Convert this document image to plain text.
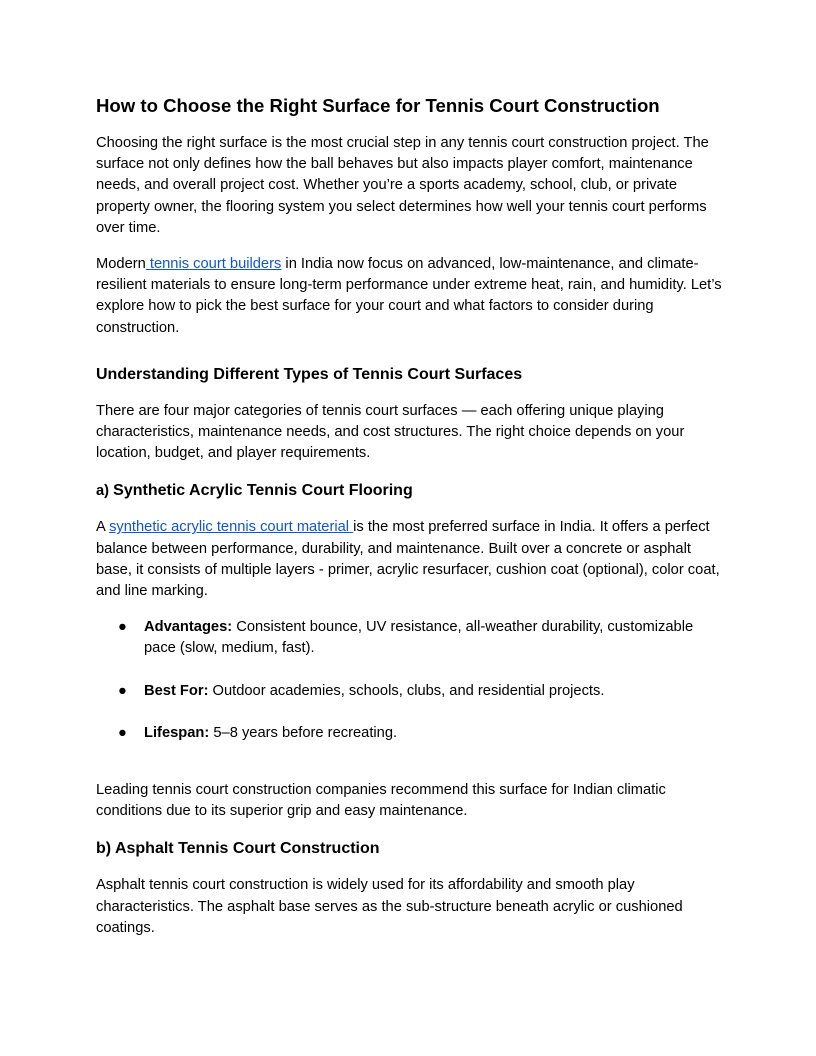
How to Choose the Right Surface for Tennis Court Construction

Choosing the right surface is the most crucial step in any tennis court construction project. The surface not only defines how the ball behaves but also impacts player comfort, maintenance needs, and overall project cost. Whether you’re a sports academy, school, club, or private property owner, the flooring system you select determines how well your tennis court performs over time.

Modern tennis court builders in India now focus on advanced, low-maintenance, and climate-resilient materials to ensure long-term performance under extreme heat, rain, and humidity. Let’s explore how to pick the best surface for your court and what factors to consider during construction.

Understanding Different Types of Tennis Court Surfaces

There are four major categories of tennis court surfaces — each offering unique playing characteristics, maintenance needs, and cost structures. The right choice depends on your location, budget, and player requirements.

a) Synthetic Acrylic Tennis Court Flooring

A synthetic acrylic tennis court material is the most preferred surface in India. It offers a perfect balance between performance, durability, and maintenance. Built over a concrete or asphalt base, it consists of multiple layers - primer, acrylic resurfacer, cushion coat (optional), color coat, and line marking.

● Advantages: Consistent bounce, UV resistance, all-weather durability, customizable pace (slow, medium, fast).
● Best For: Outdoor academies, schools, clubs, and residential projects.
● Lifespan: 5–8 years before recreating.

Leading tennis court construction companies recommend this surface for Indian climatic conditions due to its superior grip and easy maintenance.

b) Asphalt Tennis Court Construction

Asphalt tennis court construction is widely used for its affordability and smooth play characteristics. The asphalt base serves as the sub-structure beneath acrylic or cushioned coatings.
